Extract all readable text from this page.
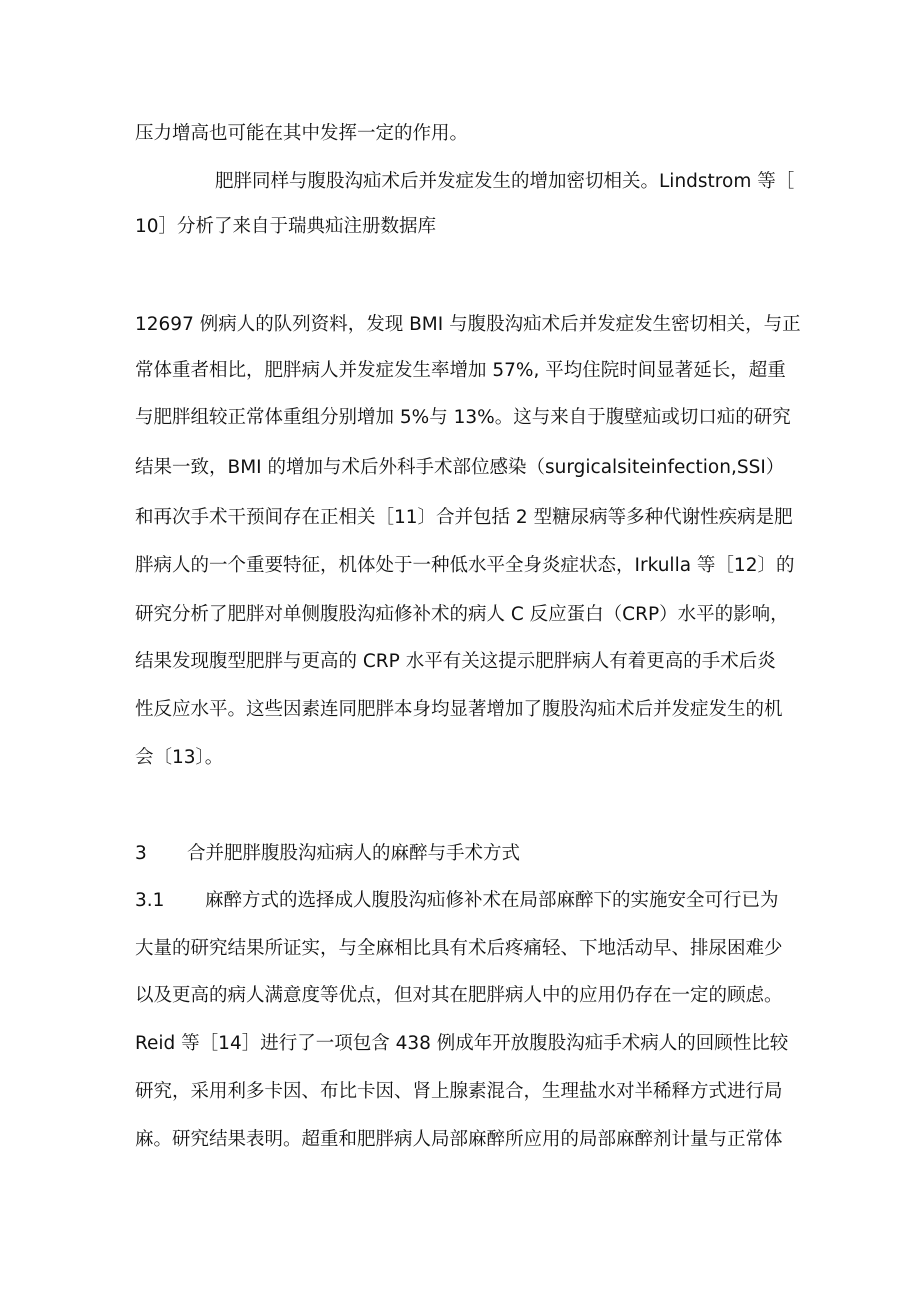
压力增高也可能在其中发挥一定的作用。
肥胖同样与腹股沟疝术后并发症发生的增加密切相关。Lindstrom 等［
10］分析了来自于瑞典疝注册数据库
12697 例病人的队列资料，发现 BMI 与腹股沟疝术后并发症发生密切相关，与正
常体重者相比，肥胖病人并发症发生率增加 57%, 平均住院时间显著延长，超重
与肥胖组较正常体重组分别增加 5%与 13%。这与来自于腹壁疝或切口疝的研究
结果一致，BMI 的增加与术后外科手术部位感染（surgicalsiteinfection,SSI）
和再次手术干预间存在正相关［11〕合并包括 2 型糖尿病等多种代谢性疾病是肥
胖病人的一个重要特征，机体处于一种低水平全身炎症状态，Irkulla 等［12〕的
研究分析了肥胖对单侧腹股沟疝修补术的病人 C 反应蛋白（CRP）水平的影响，
结果发现腹型肥胖与更高的 CRP 水平有关这提示肥胖病人有着更高的手术后炎
性反应水平。这些因素连同肥胖本身均显著增加了腹股沟疝术后并发症发生的机
会〔13〕。
3 合并肥胖腹股沟疝病人的麻醉与手术方式
3.1 麻醉方式的选择成人腹股沟疝修补术在局部麻醉下的实施安全可行已为
大量的研究结果所证实，与全麻相比具有术后疼痛轻、下地活动早、排尿困难少
以及更高的病人满意度等优点，但对其在肥胖病人中的应用仍存在一定的顾虑。
Reid 等［14］进行了一项包含 438 例成年开放腹股沟疝手术病人的回顾性比较
研究，采用利多卡因、布比卡因、肾上腺素混合，生理盐水对半稀释方式进行局
麻。研究结果表明。超重和肥胖病人局部麻醉所应用的局部麻醉剂计量与正常体
